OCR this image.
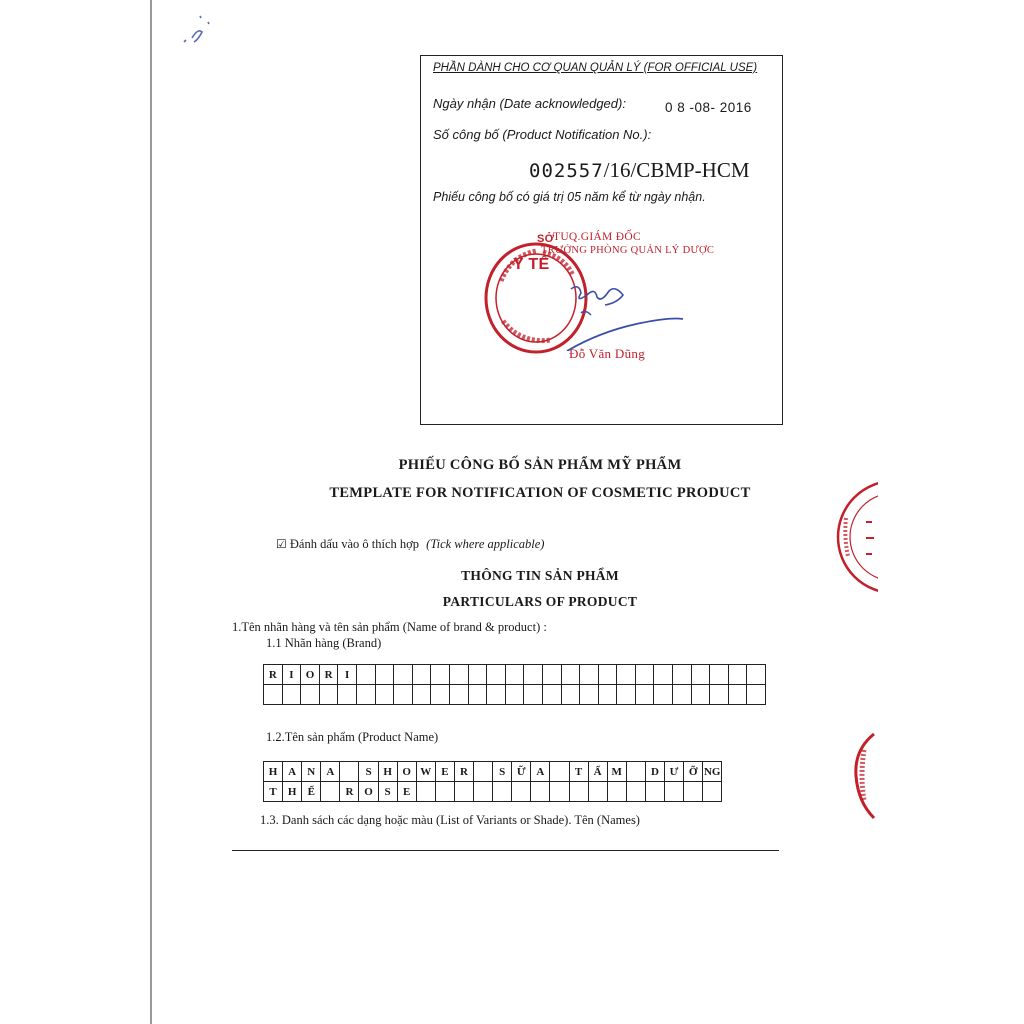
PHẦN DÀNH CHO CƠ QUAN QUẢN LÝ (FOR OFFICIAL USE)
Ngày nhận (Date acknowledged):	0 8 -08- 2016
Số công bố (Product Notification No.):
002557/16/CBMP-HCM
Phiếu công bố có giá trị 05 năm kể từ ngày nhận.
SỞ
Y TẾ
TUQ.GIÁM ĐỐC
TRƯỞNG PHÒNG QUẢN LÝ DƯỢC
Đỗ Văn Dũng
PHIẾU CÔNG BỐ SẢN PHẨM MỸ PHẨM
TEMPLATE FOR NOTIFICATION OF COSMETIC PRODUCT
☑ Đánh dấu vào ô thích hợp (Tick where applicable)
THÔNG TIN SẢN PHẨM
PARTICULARS OF PRODUCT
1.Tên nhãn hàng và tên sản phẩm (Name of brand & product) :
1.1 Nhãn hàng (Brand)
R	I	O R	I
1.2.Tên sản phẩm (Product Name)
H A	N	A	S	H O W E	R	S	Ữ A	T	Ẩ M	D Ư Ỡ NG
T	H	Ể	R O	S	E
1.3. Danh sách các dạng hoặc màu (List of Variants or Shade). Tên (Names)
